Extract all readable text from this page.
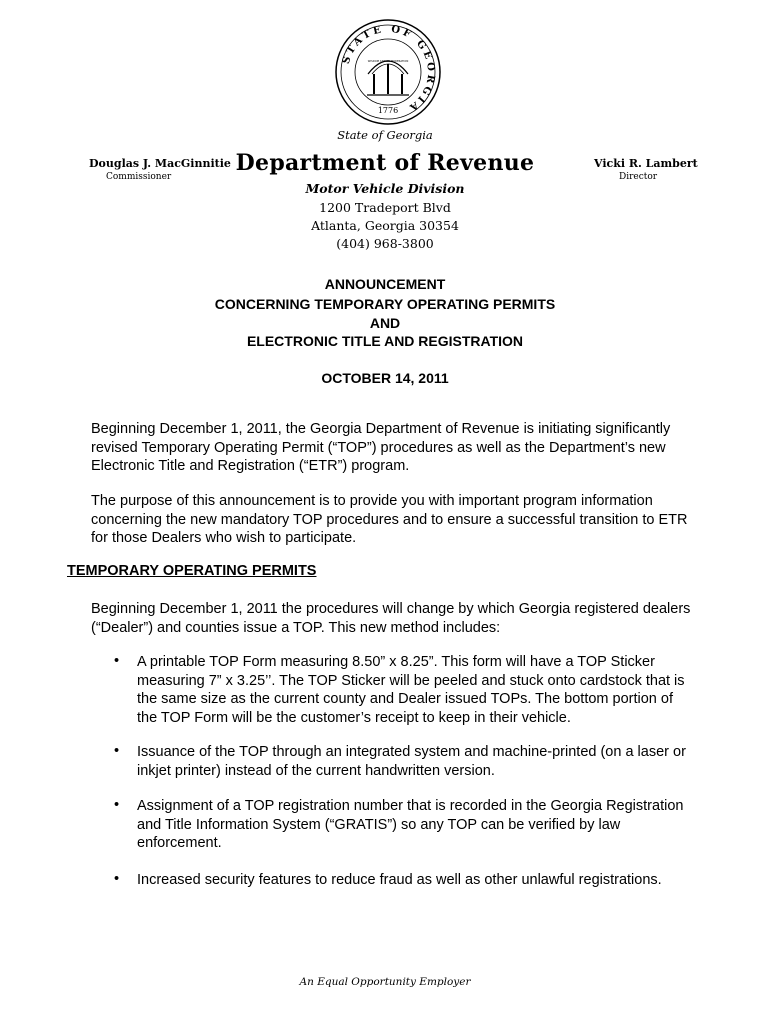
STATE OF GEORGIA
1776
WISDOM JUSTICE MODERATION
State of Georgia
Douglas J. MacGinnitie
Commissioner
Department of Revenue	Vicki R. Lambert
Director
Motor Vehicle Division
1200 Tradeport Blvd
Atlanta, Georgia 30354
(404) 968-3800
ANNOUNCEMENT
CONCERNING TEMPORARY OPERATING PERMITS
AND
ELECTRONIC TITLE AND REGISTRATION
OCTOBER 14, 2011
Beginning December 1, 2011, the Georgia Department of Revenue is initiating significantly revised Temporary Operating Permit (“TOP”) procedures as well as the Department’s new Electronic Title and Registration (“ETR”) program.
The purpose of this announcement is to provide you with important program information concerning the new mandatory TOP procedures and to ensure a successful transition to ETR for those Dealers who wish to participate.
TEMPORARY OPERATING PERMITS
Beginning December 1, 2011 the procedures will change by which Georgia registered dealers (“Dealer”) and counties issue a TOP. This new method includes:
• A printable TOP Form measuring 8.50” x 8.25”. This form will have a TOP Sticker measuring 7” x 3.25’’. The TOP Sticker will be peeled and stuck onto cardstock that is the same size as the current county and Dealer issued TOPs. The bottom portion of the TOP Form will be the customer’s receipt to keep in their vehicle.
• Issuance of the TOP through an integrated system and machine-printed (on a laser or inkjet printer) instead of the current handwritten version.
• Assignment of a TOP registration number that is recorded in the Georgia Registration and Title Information System (“GRATIS”) so any TOP can be verified by law enforcement.
• Increased security features to reduce fraud as well as other unlawful registrations.
An Equal Opportunity Employer
